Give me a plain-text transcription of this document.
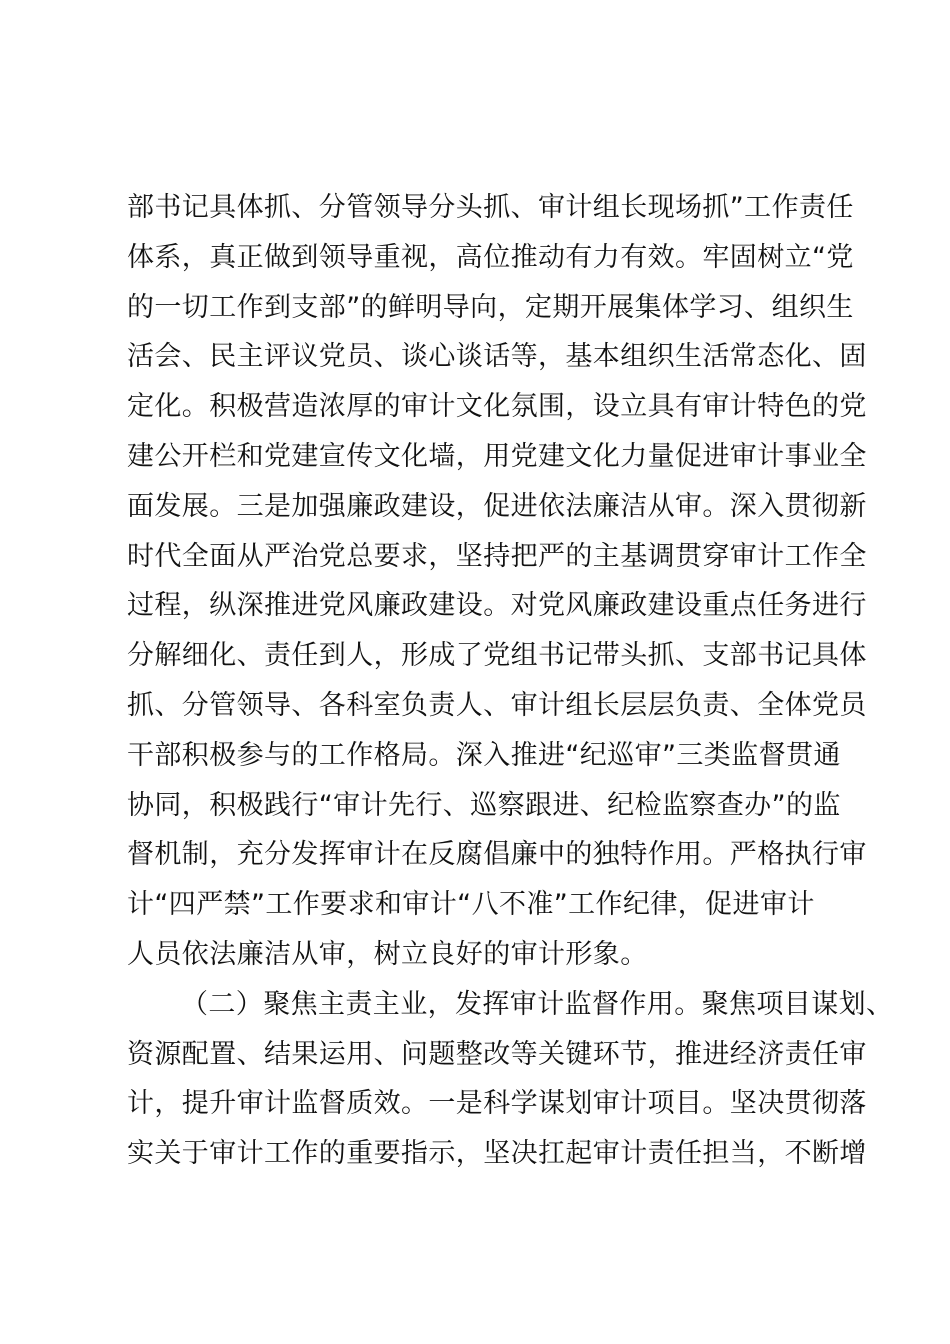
部书记具体抓、分管领导分头抓、审计组长现场抓”工作责任
体系，真正做到领导重视，高位推动有力有效。牢固树立“党
的一切工作到支部”的鲜明导向，定期开展集体学习、组织生
活会、民主评议党员、谈心谈话等，基本组织生活常态化、固
定化。积极营造浓厚的审计文化氛围，设立具有审计特色的党
建公开栏和党建宣传文化墙，用党建文化力量促进审计事业全
面发展。三是加强廉政建设，促进依法廉洁从审。深入贯彻新
时代全面从严治党总要求，坚持把严的主基调贯穿审计工作全
过程，纵深推进党风廉政建设。对党风廉政建设重点任务进行
分解细化、责任到人，形成了党组书记带头抓、支部书记具体
抓、分管领导、各科室负责人、审计组长层层负责、全体党员
干部积极参与的工作格局。深入推进“纪巡审”三类监督贯通
协同，积极践行“审计先行、巡察跟进、纪检监察查办”的监
督机制，充分发挥审计在反腐倡廉中的独特作用。严格执行审
计“四严禁”工作要求和审计“八不准”工作纪律，促进审计
人员依法廉洁从审，树立良好的审计形象。
（二）聚焦主责主业，发挥审计监督作用。聚焦项目谋划、
资源配置、结果运用、问题整改等关键环节，推进经济责任审
计，提升审计监督质效。一是科学谋划审计项目。坚决贯彻落
实关于审计工作的重要指示，坚决扛起审计责任担当，不断增
